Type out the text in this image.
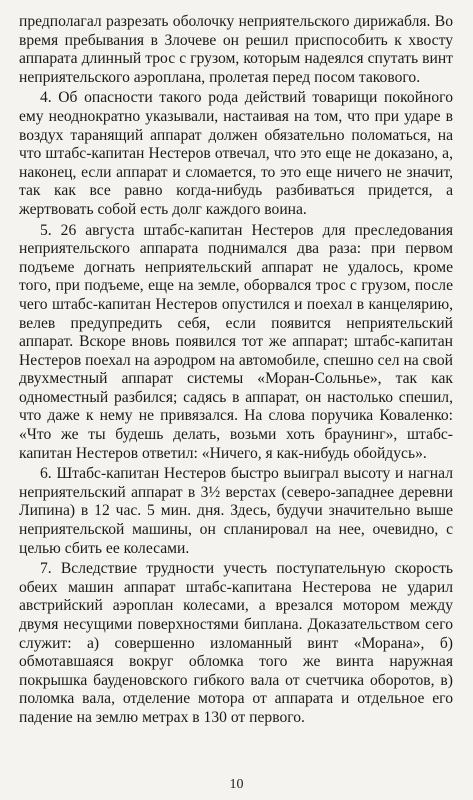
предполагал разрезать оболочку неприятельского дирижабля. Во время пребывания в Злочеве он решил приспособить к хвосту аппарата длинный трос с грузом, которым надеялся спутать винт неприятельского аэроплана, пролетая перед посом такового.

4. Об опасности такого рода действий товарищи покойного ему неоднократно указывали, настаивая на том, что при ударе в воздух таранящий аппарат должен обязательно поломаться, на что штабс-капитан Нестеров отвечал, что это еще не доказано, а, наконец, если аппарат и сломается, то это еще ничего не значит, так как все равно когда-нибудь разбиваться придется, а жертвовать собой есть долг каждого воина.

5. 26 августа штабс-капитан Нестеров для преследования неприятельского аппарата поднимался два раза: при первом подъеме догнать неприятельский аппарат не удалось, кроме того, при подъеме, еще на земле, оборвался трос с грузом, после чего штабс-капитан Нестеров опустился и поехал в канцелярию, велев предупредить себя, если появится неприятельский аппарат. Вскоре вновь появился тот же аппарат; штабс-капитан Нестеров поехал на аэродром на автомобиле, спешно сел на свой двухместный аппарат системы «Моран-Сольнье», так как одноместный разбился; садясь в аппарат, он настолько спешил, что даже к нему не привязался. На слова поручика Коваленко: «Что же ты будешь делать, возьми хоть браунинг», штабс-капитан Нестеров ответил: «Ничего, я как-нибудь обойдусь».

6. Штабс-капитан Нестеров быстро выиграл высоту и нагнал неприятельский аппарат в 3½ верстах (северо-западнее деревни Липина) в 12 час. 5 мин. дня. Здесь, будучи значительно выше неприятельской машины, он спланировал на нее, очевидно, с целью сбить ее колесами.

7. Вследствие трудности учесть поступательную скорость обеих машин аппарат штабс-капитана Нестерова не ударил австрийский аэроплан колесами, а врезался мотором между двумя несущими поверхностями биплана. Доказательством сего служит: а) совершенно изломанный винт «Морана», б) обмотавшаяся вокруг обломка того же винта наружная покрышка бауденовского гибкого вала от счетчика оборотов, в) поломка вала, отделение мотора от аппарата и отдельное его падение на землю метрах в 130 от первого.

10
